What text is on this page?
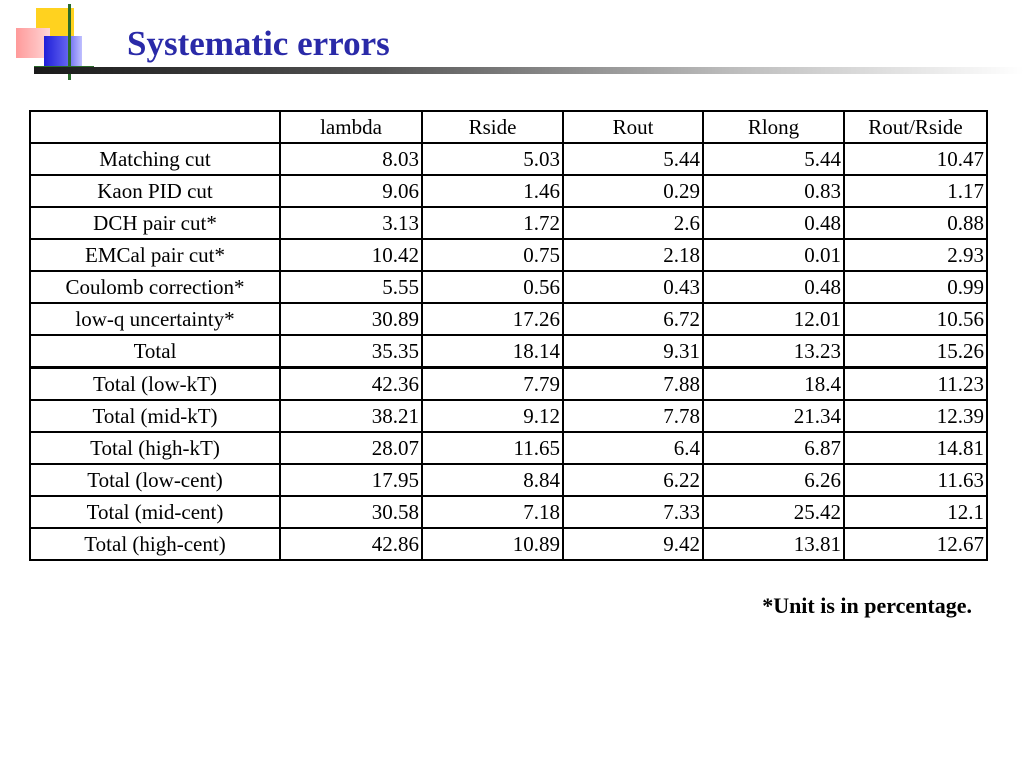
Systematic errors
	lambda	Rside	Rout	Rlong	Rout/Rside
Matching cut	8.03	5.03	5.44	5.44	10.47
Kaon PID cut	9.06	1.46	0.29	0.83	1.17
DCH pair cut*	3.13	1.72	2.6	0.48	0.88
EMCal pair cut*	10.42	0.75	2.18	0.01	2.93
Coulomb correction*	5.55	0.56	0.43	0.48	0.99
low-q uncertainty*	30.89	17.26	6.72	12.01	10.56
Total	35.35	18.14	9.31	13.23	15.26
Total (low-kT)	42.36	7.79	7.88	18.4	11.23
Total (mid-kT)	38.21	9.12	7.78	21.34	12.39
Total (high-kT)	28.07	11.65	6.4	6.87	14.81
Total (low-cent)	17.95	8.84	6.22	6.26	11.63
Total (mid-cent)	30.58	7.18	7.33	25.42	12.1
Total (high-cent)	42.86	10.89	9.42	13.81	12.67

*Unit is in percentage.
